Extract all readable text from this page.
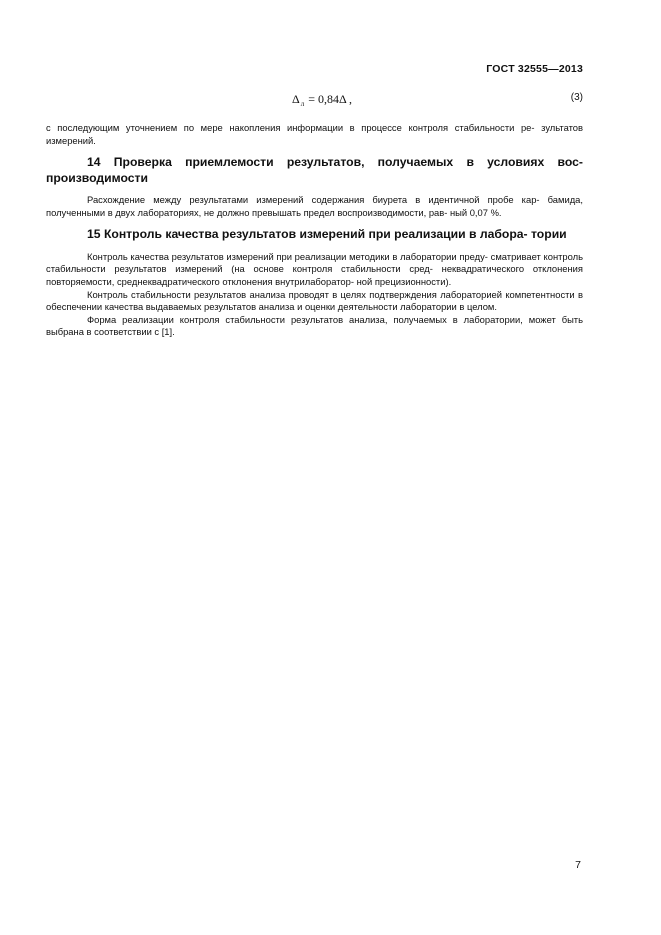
ГОСТ 32555—2013
$\Delta_л = 0,84\Delta$ ,	(3)

с последующим уточнением по мере накопления информации в процессе контроля стабильности ре- зультатов измерений.

14 Проверка приемлемости результатов, получаемых в условиях вос- производимости

Расхождение между результатами измерений содержания биурета в идентичной пробе кар- бамида, полученными в двух лабораториях, не должно превышать предел воспроизводимости, рав- ный 0,07 %.

15 Контроль качества результатов измерений при реализации в лабора- тории

Контроль качества результатов измерений при реализации методики в лаборатории преду- сматривает контроль стабильности результатов измерений (на основе контроля стабильности сред- неквадратического отклонения повторяемости, среднеквадратического отклонения внутрилаборатор- ной прецизионности).

Контроль стабильности результатов анализа проводят в целях подтверждения лабораторией компетентности в обеспечении качества выдаваемых результатов анализа и оценки деятельности лаборатории в целом.

Форма реализации контроля стабильности результатов анализа, получаемых в лаборатории, может быть выбрана в соответствии с [1].

7
